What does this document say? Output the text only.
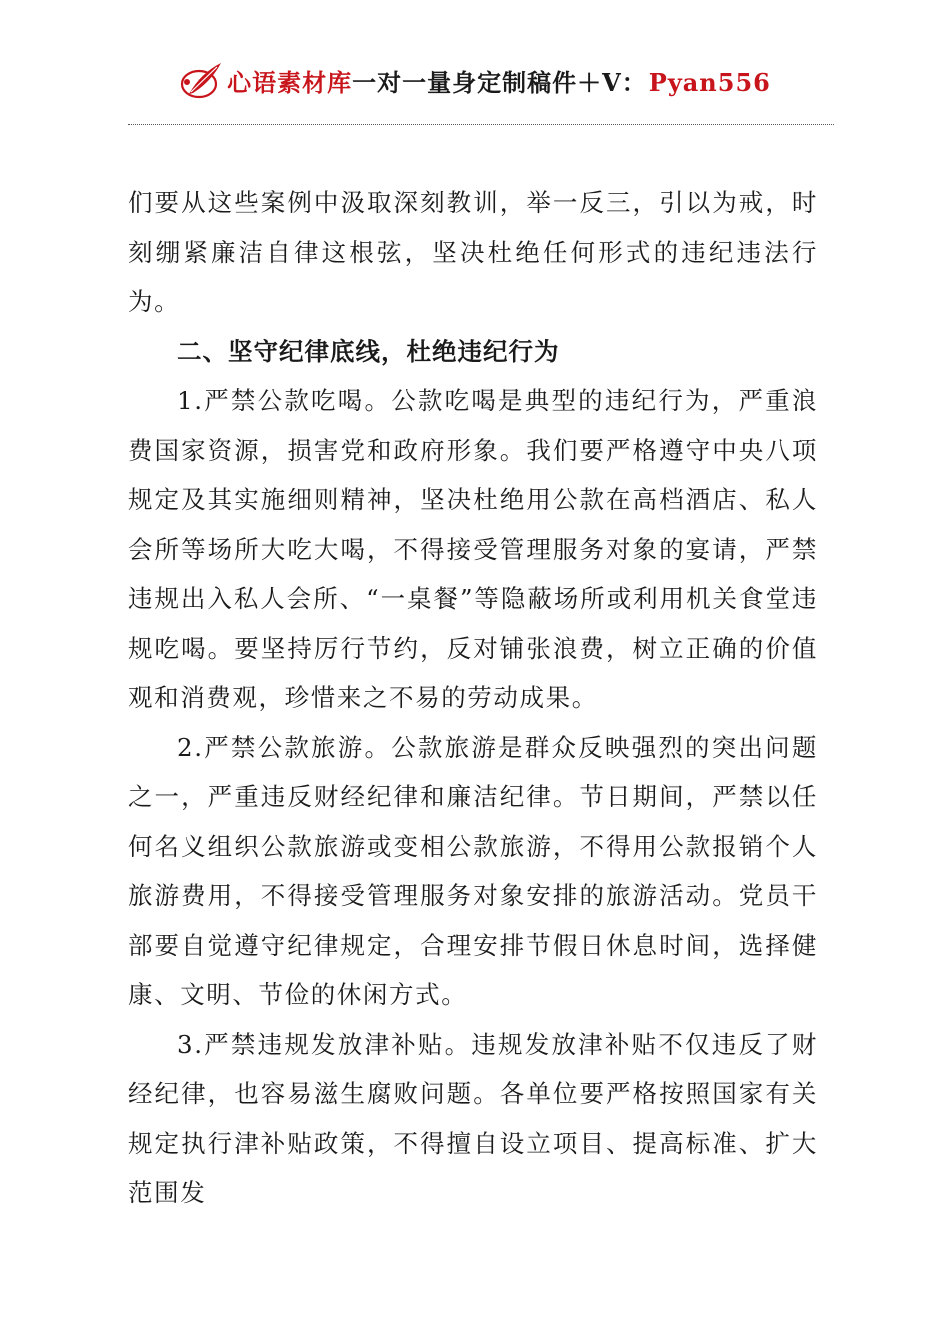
心语素材库一对一量身定制稿件＋V：Pyan556

们要从这些案例中汲取深刻教训，举一反三，引以为戒，时刻绷紧廉洁自律这根弦，坚决杜绝任何形式的违纪违法行为。

二、坚守纪律底线，杜绝违纪行为

1.严禁公款吃喝。公款吃喝是典型的违纪行为，严重浪费国家资源，损害党和政府形象。我们要严格遵守中央八项规定及其实施细则精神，坚决杜绝用公款在高档酒店、私人会所等场所大吃大喝，不得接受管理服务对象的宴请，严禁违规出入私人会所、“一桌餐”等隐蔽场所或利用机关食堂违规吃喝。要坚持厉行节约，反对铺张浪费，树立正确的价值观和消费观，珍惜来之不易的劳动成果。

2.严禁公款旅游。公款旅游是群众反映强烈的突出问题之一，严重违反财经纪律和廉洁纪律。节日期间，严禁以任何名义组织公款旅游或变相公款旅游，不得用公款报销个人旅游费用，不得接受管理服务对象安排的旅游活动。党员干部要自觉遵守纪律规定，合理安排节假日休息时间，选择健康、文明、节俭的休闲方式。

3.严禁违规发放津补贴。违规发放津补贴不仅违反了财经纪律，也容易滋生腐败问题。各单位要严格按照国家有关规定执行津补贴政策，不得擅自设立项目、提高标准、扩大范围发
